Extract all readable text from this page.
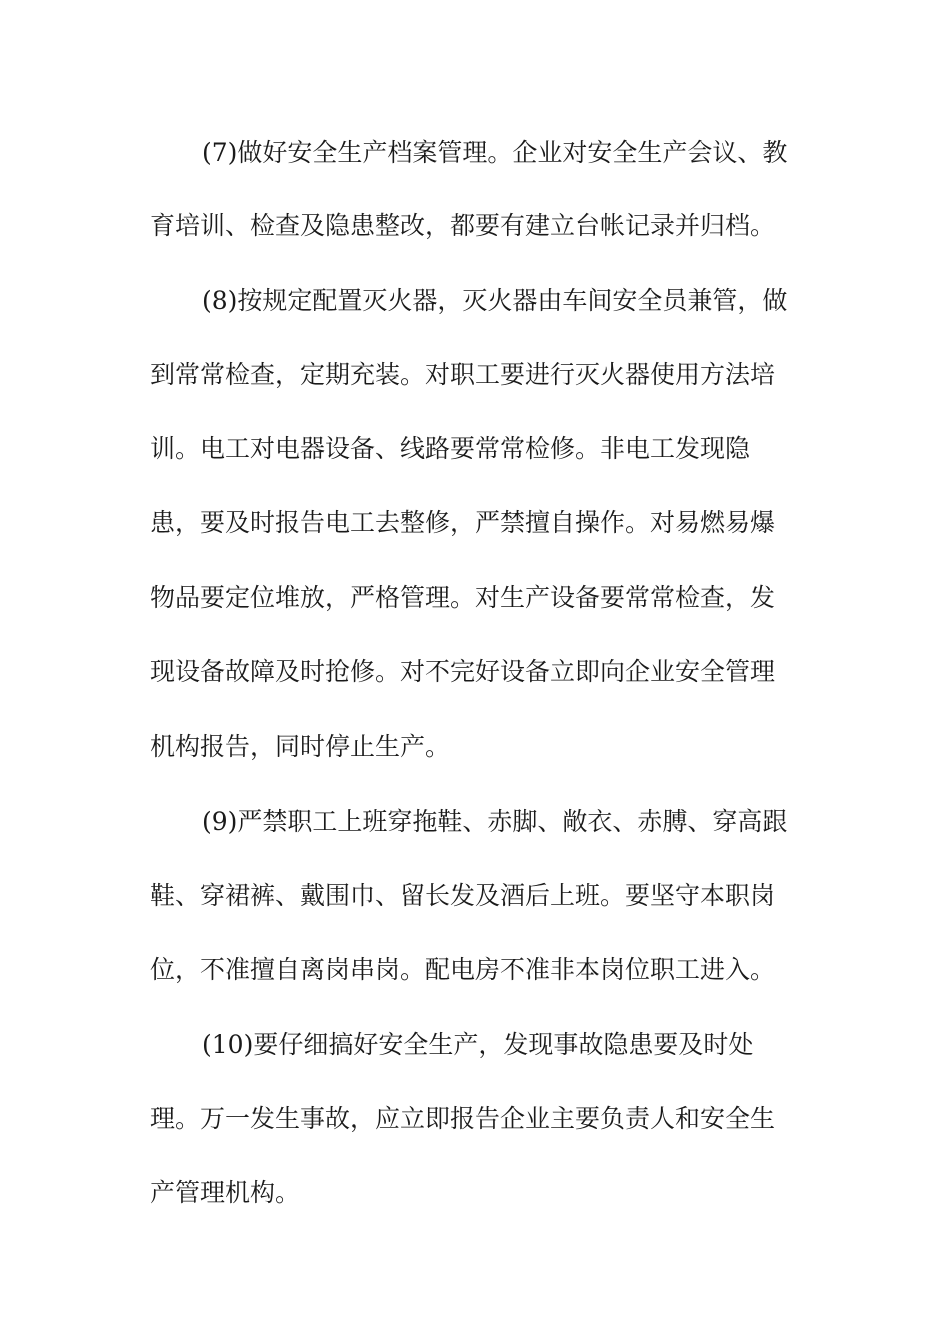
(7)做好安全生产档案管理。企业对安全生产会议、教
育培训、检查及隐患整改，都要有建立台帐记录并归档。
(8)按规定配置灭火器，灭火器由车间安全员兼管，做
到常常检查，定期充装。对职工要进行灭火器使用方法培
训。电工对电器设备、线路要常常检修。非电工发现隐
患，要及时报告电工去整修，严禁擅自操作。对易燃易爆
物品要定位堆放，严格管理。对生产设备要常常检查，发
现设备故障及时抢修。对不完好设备立即向企业安全管理
机构报告，同时停止生产。
(9)严禁职工上班穿拖鞋、赤脚、敞衣、赤膊、穿高跟
鞋、穿裙裤、戴围巾、留长发及酒后上班。要坚守本职岗
位，不准擅自离岗串岗。配电房不准非本岗位职工进入。
(10)要仔细搞好安全生产，发现事故隐患要及时处
理。万一发生事故，应立即报告企业主要负责人和安全生
产管理机构。
